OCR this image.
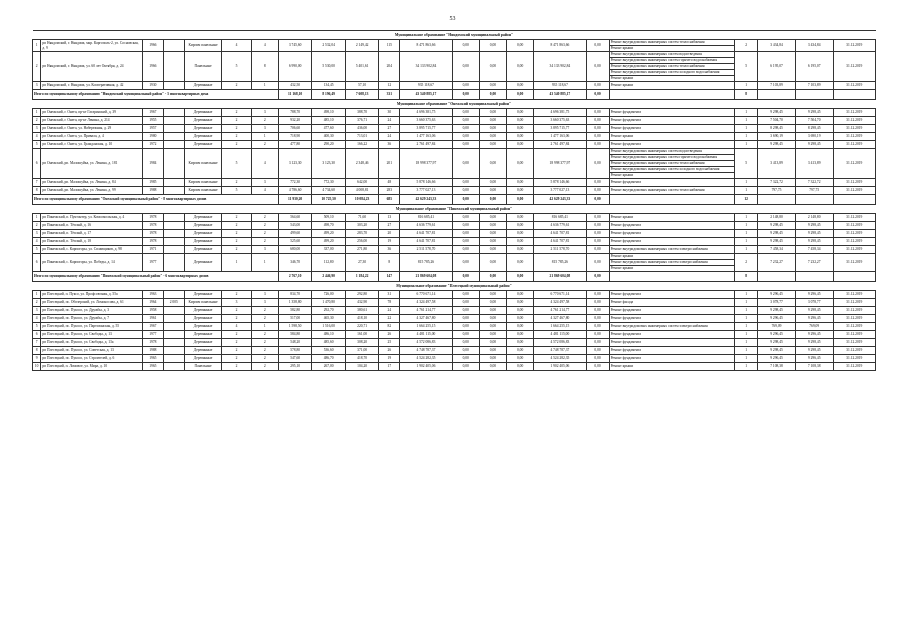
53
Муниципальное образование "Няндомский муниципальный район"																					
1	рп Няндомский, г. Няндома, мкр. Каргополь-2, ул. Сосновская, д. 9	1966		Кирпич панельные	4	4	3 745,60	2 532,04	2 149,42	115	8 471 863,66	0,00	0,00	0,00	8 471 863,66	0,00	Ремонт внутридомовых инженерных систем теплоснабжения
Ремонт крыши	2	3 434,84	3 434,84	31.12.2019
2	рп Няндомский, г. Няндома, ул. 60 лет Октября, д. 24	1966		Панельные	5	8	6 990,00	5 530,00	5 401,61	204	34 133 902,84	0,00	0,00	0,00	34 133 902,84	0,00	Ремонт внутридомовых инженерных систем водоотведения
Ремонт внутридомовых инженерных систем горячего водоснабжения
Ремонт внутридомовых инженерных систем теплоснабжения
Ремонт внутридомовых инженерных систем холодного водоснабжения
Ремонт крыши	5	6 195,07	6 195,07	31.12.2019
3	рп Няндомский, г. Няндома, ул. Кооперативная, д. 42	1930		Деревянные	2	1	432,50	134,45	57,10	12	935 118,67	0,00	0,00	0,00	935 118,67	0,00	Ремонт крыши	1	7 103,89	7 103,89	31.12.2019
Итого по муниципальному образованию "Няндомский муниципальный район" - 3 многоквартирных дома							11 168,10	8 196,49	7 608,13	331	43 540 885,17	0,00	0,00	0,00	43 540 885,17	0,00		8			
Муниципальное образование "Онежский муниципальный район"																					
1	рп Онежский, г. Онега, пр-кт Гагаринский, д. 39	1967		Деревянные	2	3	788,70	498,10	388,70	30	4 696 381,75	0,00	0,00	0,00	4 696 381,75	0,00	Ремонт фундамента	1	9 298,45	9 298,45	31.12.2019
2	рп Онежский, г. Онега, пр-кт Ленина, д. 214	1955		Деревянные	2	2	932,20	485,10	376,71	24	3 660 375,63	0,00	0,00	0,00	3 660 375,63	0,00	Ремонт фундамента	1	7 504,70	7 504,70	31.12.2019
3	рп Онежский, г. Онега, ул. Набережная, д. 29	1957		Деревянные	2	3	706,60	477,60	436,00	27	3 895 715,77	0,00	0,00	0,00	3 895 715,77	0,00	Ремонт фундамента	1	8 298,45	8 298,45	31.12.2019
4	рп Онежский, г. Онега, ул. Привала, д. 4	1980		Деревянные	2	1	718,90	400,30	713,01	24	1 477 163,06	0,00	0,00	0,00	1 477 163,06	0,00	Ремонт крыши	1	3 690,19	3 690,19	31.12.2019
5	рп Онежский, г. Онега, ул. Гражданская, д. 10	1972		Деревянные	2	2	477,80	290,20	166,22	36	2 761 497,84	0,00	0,00	0,00	2 761 497,84	0,00	Ремонт фундамента	1	9 298,45	9 298,45	31.12.2019
6	рп Онежский, рп. Малошуйка, ул. Ленина, д. 181	1984		Кирпич панельные	5	4	3 123,30	3 123,30	2 348,46	201	18 998 377,97	0,00	0,00	0,00	18 998 377,97	0,00	Ремонт внутридомовых инженерных систем водоотведения
Ремонт внутридомовых инженерных систем горячего водоснабжения
Ремонт внутридомовых инженерных систем теплоснабжения
Ремонт внутридомовых инженерных систем холодного водоснабжения
Ремонт крыши	5	3 413,89	3 413,89	31.12.2019
7	рп Онежский, рп. Малошуйка, ул. Ленина, д. 84	1985		Кирпич панельные	2	3	772,30	772,30	642,00	48	5 878 146,66	0,00	0,00	0,00	5 878 146,66	0,00	Ремонт фундамента	1	7 322,72	7 322,72	31.12.2019
8	рп Онежский, рп. Малошуйка, ул. Ленина, д. 99	1988		Кирпич панельные	5	4	4 786,60	4 734,60	4 008,81	283	3 777 027,13	0,00	0,00	0,00	3 777 027,13	0,00	Ремонт внутридомовых инженерных систем теплоснабжения	1	797,75	797,75	31.12.2019
Итого по муниципальному образованию "Онежский муниципальный район" - 8 многоквартирных домов							11 930,20	10 725,50	10 084,23	685	42 629 243,33	0,00	0,00	0,00	42 629 243,33	0,00		12			
Муниципальное образование "Пинежский муниципальный район"																					
1	рп Пинежский, п. Пуктонтер, ул. Комсомольская, д. 4	1978		Деревянные	2	2	564,60	509,10	71,60	13	816 685,41	0,00	0,00	0,00	816 685,41	0,00	Ремонт крыши	1	2 148,80	2 148,80	31.12.2019
2	рп Пинежский, п. Тёплый, д. 16	1978		Деревянные	2	2	543,00	498,70	303,20	27	4 636 779,61	0,00	0,00	0,00	4 636 779,61	0,00	Ремонт фундамента	1	9 298,45	9 298,45	31.12.2019
3	рп Пинежский, п. Тёплый, д. 17	1978		Деревянные	2	2	499,60	499,20	283,70	20	4 641 707,81	0,00	0,00	0,00	4 641 707,81	0,00	Ремонт фундамента	1	9 298,45	9 298,45	31.12.2019
4	рп Пинежский, п. Тёплый, д. 18	1978		Деревянные	2	2	525,60	499,20	256,00	19	4 641 707,81	0,00	0,00	0,00	4 641 707,81	0,00	Ремонт фундамента	1	9 298,45	9 298,45	31.12.2019
5	рп Пинежский, с. Карпогоры, ул. Сплавщиков, д. 98	1971		Деревянные	2	3	680,00	337,00	271,80	36	2 511 578,70	0,00	0,00	0,00	2 511 578,70	0,00	Ремонт внутридомовых инженерных систем электроснабжения	1	7 458,34	7 458,34	31.12.2019
6	рп Пинежский, с. Карпогоры, ул. Победы, д. 14	1977		Деревянные	1	1	346,70	112,80	27,30	8	815 785,26	0,00	0,00	0,00	815 785,26	0,00	Ремонт крыши
Ремонт внутридомовых инженерных систем электроснабжения
Ремонт крыши	2	7 232,27	7 232,27	31.12.2019
Итого по муниципальному образованию "Пинежский муниципальный район" - 6 многоквартирных домов							2 767,10	2 446,90	1 184,22	147	21 869 604,08	0,00	0,00	0,00	21 869 604,08	0,00		8			
Муниципальное образование "Плесецкий муниципальный район"																					
1	рп Плесецкий, п. Пуксо, ул. Профсоюзная, д. 55а	1963		Деревянные	2	3	834,70	726,00	292,80	31	6 770 671,14	0,00	0,00	0,00	6 770 671,14	0,00	Ремонт фундамента	1	9 296,45	9 296,45	31.12.2019
2	рп Плесецкий, пс. Обозерский, ул. Ломоносова, д. 61	1964	2 005	Кирпич панельные	3	3	1 358,80	1 470,80	432,90	78	4 324 497,58	0,00	0,00	0,00	4 324 497,58	0,00	Ремонт фасада	1	3 078,77	3 078,77	31.12.2019
3	рп Плесецкий, пс. Пуксоо, ул. Дружбы, д. 3	1958		Деревянные	2	2	582,80	292,70	380,61	24	4 761 214,77	0,00	0,00	0,00	4 761 214,77	0,00	Ремонт фундамента	1	9 298,45	9 298,45	31.12.2019
4	рп Плесецкий, пс. Пуксоо, ул. Дружбы, д. 7	1961		Деревянные	2	2	517,00	465,30	418,10	22	4 327 467,80	0,00	0,00	0,00	4 327 467,80	0,00	Ремонт фундамента	1	9 296,45	9 296,45	31.12.2019
5	рп Плесецкий, пс. Пуксоо, ул. Партизанская, д. 55	1967		Деревянные	4	1	1 598,50	1 516,00	220,71	82	1 664 255,15	0,00	0,00	0,00	1 664 255,15	0,00	Ремонт внутридомовых инженерных систем электроснабжения	1	769,09	769,09	31.12.2019
6	рп Плесецкий, пс. Пуксоо, ул. Свободы, д. 13	1977		Деревянные	2	2	584,80	486,10	161,00	26	4 481 115,00	0,00	0,00	0,00	4 481 115,00	0,00	Ремонт фундамента	1	9 296,45	9 296,45	31.12.2019
7	рп Плесецкий, пс. Пуксоо, ул. Свободы, д. 13а	1978		Деревянные	2	2	548,20	485,60	308,20	25	4 572 086,83	0,00	0,00	0,00	4 572 086,83	0,00	Ремонт фундамента	1	9 298,45	9 298,45	31.12.2019
8	рп Плесецкий, пс. Пуксоо, ул. Советская, д. 13	1988		Деревянные	2	2	578,80	536,60	371,00	26	4 748 787,37	0,00	0,00	0,00	4 748 787,37	0,00	Ремонт фундамента	1	9 298,45	9 298,45	31.12.2019
9	рп Плесецкий, пс. Пуксоо, ул. Строителей, д. 6	1965		Деревянные	2	2	547,60	486,70	418,70	19	4 524 282,35	0,00	0,00	0,00	4 524 282,35	0,00	Ремонт фундамента	1	9 296,45	9 296,45	31.12.2019
10	рп Плесецкий, п. Ломовое, ул. Мира, д. 10	1965		Панельные	2	2	295,10	267,00	104,20	17	1 902 405,06	0,00	0,00	0,00	1 902 405,06	0,00	Ремонт крыши	1	7 108,38	7 108,38	31.12.2019
